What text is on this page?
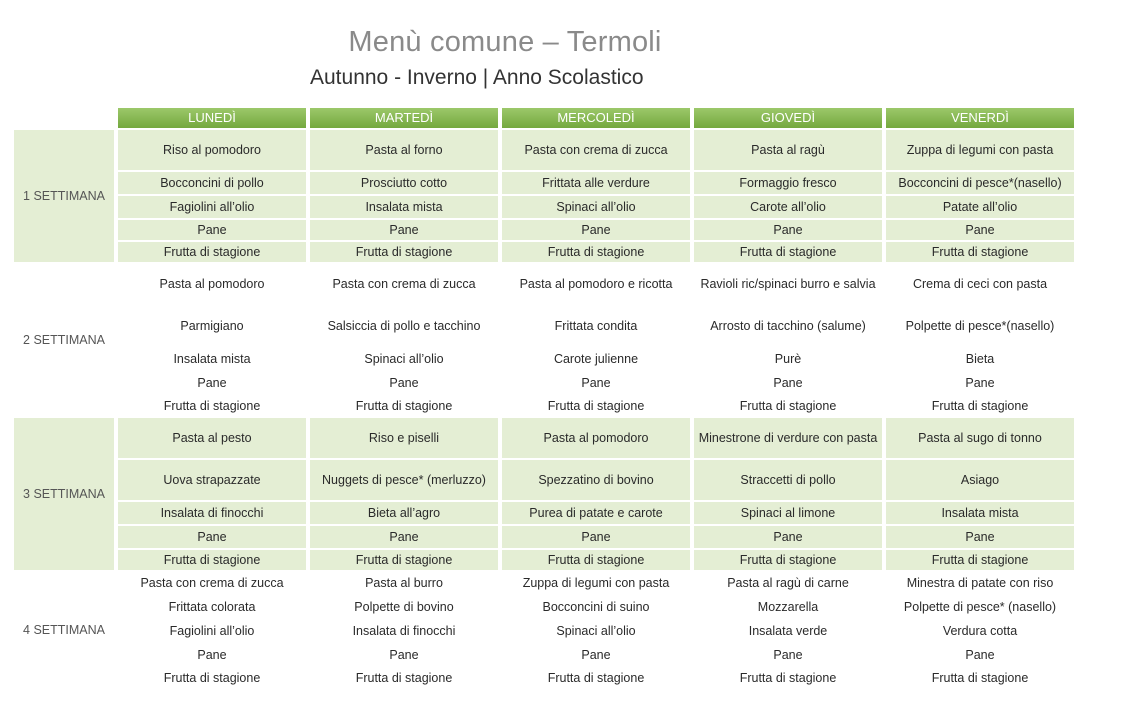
Menù comune – Termoli
Autunno - Inverno | Anno Scolastico
	LUNEDÌ	MARTEDÌ	MERCOLEDÌ	GIOVEDÌ	VENERDÌ
1 SETTIMANA	Riso al pomodoro	Pasta al forno	Pasta con crema di zucca	Pasta al ragù	Zuppa di legumi con pasta
	Bocconcini di pollo	Prosciutto cotto	Frittata alle verdure	Formaggio fresco	Bocconcini di pesce*(nasello)
	Fagiolini all’olio	Insalata mista	Spinaci all’olio	Carote all’olio	Patate all’olio
	Pane	Pane	Pane	Pane	Pane
	Frutta di stagione	Frutta di stagione	Frutta di stagione	Frutta di stagione	Frutta di stagione
2 SETTIMANA	Pasta al pomodoro	Pasta con crema di zucca	Pasta al pomodoro e ricotta	Ravioli ric/spinaci burro e salvia	Crema di ceci con pasta
	Parmigiano	Salsiccia di pollo e tacchino	Frittata condita	Arrosto di tacchino (salume)	Polpette di pesce*(nasello)
	Insalata mista	Spinaci all’olio	Carote julienne	Purè	Bieta
	Pane	Pane	Pane	Pane	Pane
	Frutta di stagione	Frutta di stagione	Frutta di stagione	Frutta di stagione	Frutta di stagione
3 SETTIMANA	Pasta al pesto	Riso e piselli	Pasta al pomodoro	Minestrone di verdure con pasta	Pasta al sugo di tonno
	Uova strapazzate	Nuggets di pesce* (merluzzo)	Spezzatino di bovino	Straccetti di pollo	Asiago
	Insalata di finocchi	Bieta all’agro	Purea di patate e carote	Spinaci al limone	Insalata mista
	Pane	Pane	Pane	Pane	Pane
	Frutta di stagione	Frutta di stagione	Frutta di stagione	Frutta di stagione	Frutta di stagione
4 SETTIMANA	Pasta con crema di zucca	Pasta al burro	Zuppa di legumi con pasta	Pasta al ragù di carne	Minestra di patate con riso
	Frittata colorata	Polpette di bovino	Bocconcini di suino	Mozzarella	Polpette di pesce* (nasello)
	Fagiolini all’olio	Insalata di finocchi	Spinaci all’olio	Insalata verde	Verdura cotta
	Pane	Pane	Pane	Pane	Pane
	Frutta di stagione	Frutta di stagione	Frutta di stagione	Frutta di stagione	Frutta di stagione
